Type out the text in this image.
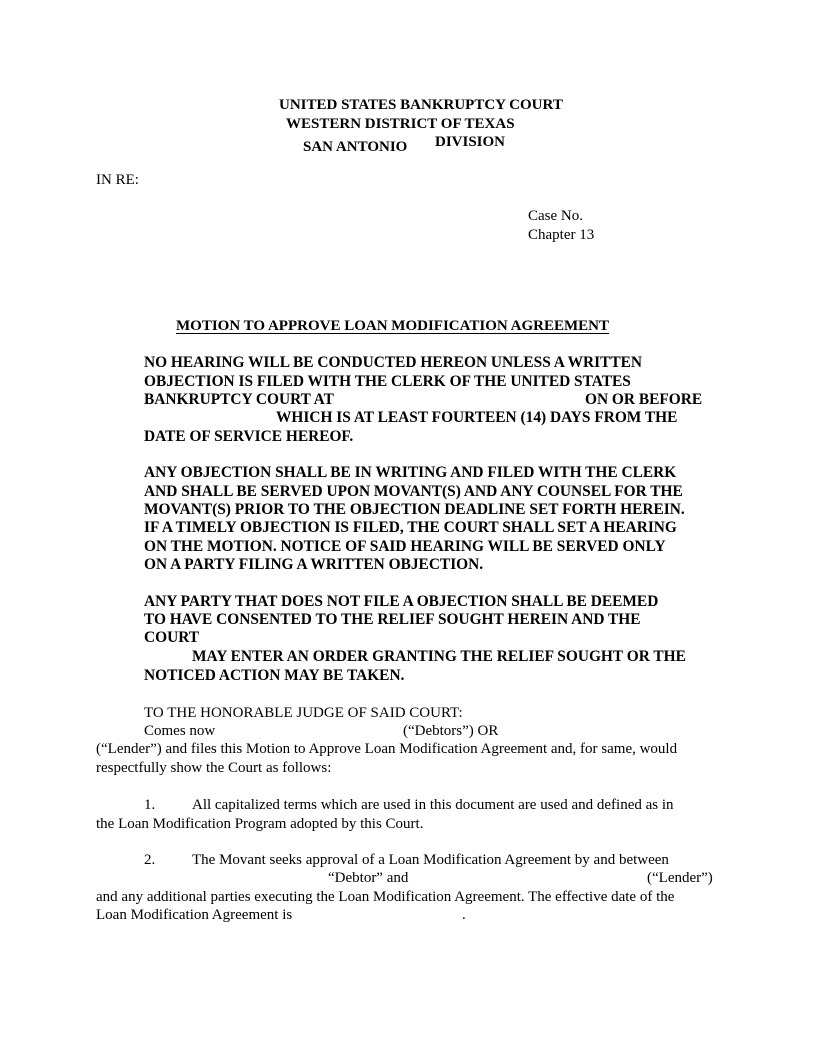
UNITED STATES BANKRUPTCY COURT
WESTERN DISTRICT OF TEXAS
SAN ANTONIO DIVISION
IN RE:
Case No.
Chapter 13
MOTION TO APPROVE LOAN MODIFICATION AGREEMENT
NO HEARING WILL BE CONDUCTED HEREON UNLESS A WRITTEN
OBJECTION IS FILED WITH THE CLERK OF THE UNITED STATES
BANKRUPTCY COURT AT	ON OR BEFORE
WHICH IS AT LEAST FOURTEEN (14) DAYS FROM THE
DATE OF SERVICE HEREOF.
ANY OBJECTION SHALL BE IN WRITING AND FILED WITH THE CLERK
AND SHALL BE SERVED UPON MOVANT(S) AND ANY COUNSEL FOR THE
MOVANT(S) PRIOR TO THE OBJECTION DEADLINE SET FORTH HEREIN.
IF A TIMELY OBJECTION IS FILED, THE COURT SHALL SET A HEARING
ON THE MOTION. NOTICE OF SAID HEARING WILL BE SERVED ONLY
ON A PARTY FILING A WRITTEN OBJECTION.
ANY PARTY THAT DOES NOT FILE A OBJECTION SHALL BE DEEMED
TO HAVE CONSENTED TO THE RELIEF SOUGHT HEREIN AND THE
COURT
MAY ENTER AN ORDER GRANTING THE RELIEF SOUGHT OR THE
NOTICED ACTION MAY BE TAKEN.
TO THE HONORABLE JUDGE OF SAID COURT:
Comes now	(“Debtors”) OR
(“Lender”) and files this Motion to Approve Loan Modification Agreement and, for same, would
respectfully show the Court as follows:
1. All capitalized terms which are used in this document are used and defined as in
the Loan Modification Program adopted by this Court.
2. The Movant seeks approval of a Loan Modification Agreement by and between
“Debtor” and	(“Lender”)
and any additional parties executing the Loan Modification Agreement. The effective date of the
Loan Modification Agreement is	.
